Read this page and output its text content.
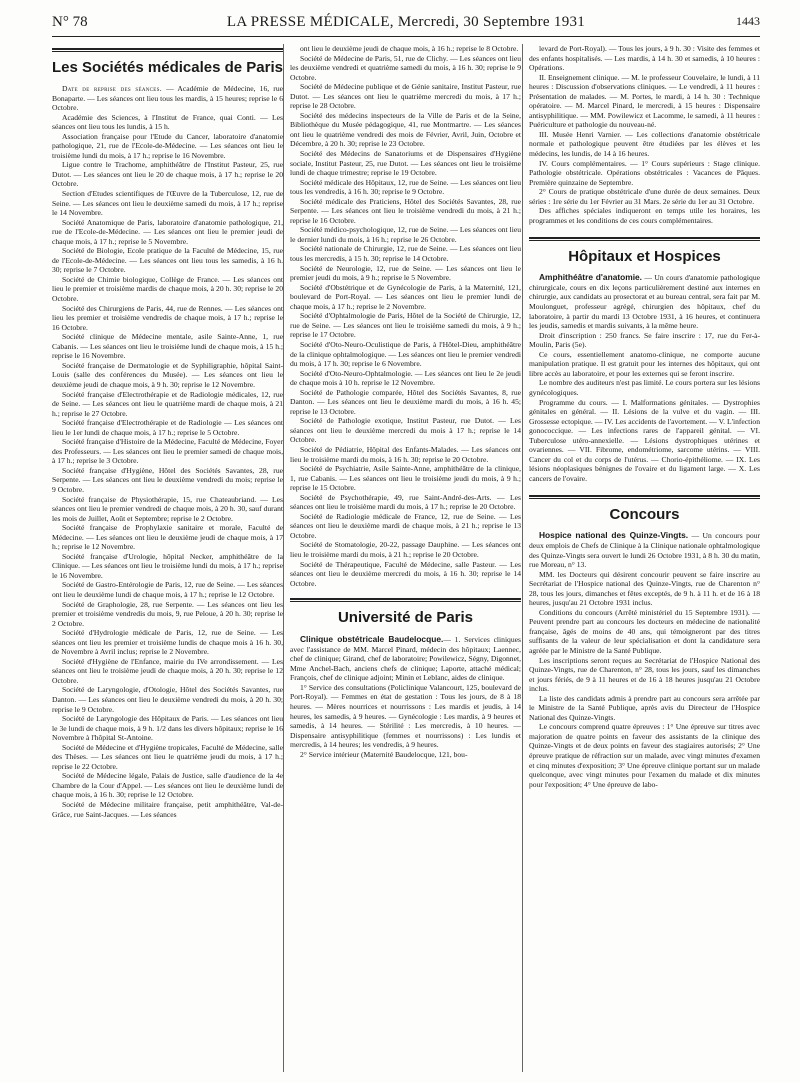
N° 78	LA PRESSE MÉDICALE, Mercredi, 30 Septembre 1931	1443
Les Sociétés médicales de Paris

Date de reprise des séances. — Académie de Médecine, 16, rue Bonaparte. — Les séances ont lieu tous les mardis, à 15 heures; reprise le 6 Octobre.

Académie des Sciences, à l'Institut de France, quai Conti. — Les séances ont lieu tous les lundis, à 15 h.

Association française pour l'Etude du Cancer, laboratoire d'anatomie pathologique, 21, rue de l'Ecole-de-Médecine. — Les séances ont lieu le troisième lundi du mois, à 17 h.; reprise le 16 Novembre.

Ligue contre le Trachome, amphithéâtre de l'Institut Pasteur, 25, rue Dutot. — Les séances ont lieu le 20 de chaque mois, à 17 h.; reprise le 20 Octobre.

Section d'Etudes scientifiques de l'Œuvre de la Tuberculose, 12, rue de Seine. — Les séances ont lieu le deuxième samedi du mois, à 17 h.; reprise le 14 Novembre.

Société Anatomique de Paris, laboratoire d'anatomie pathologique, 21, rue de l'Ecole-de-Médecine. — Les séances ont lieu le premier jeudi de chaque mois, à 17 h.; reprise le 5 Novembre.

Société de Biologie, Ecole pratique de la Faculté de Médecine, 15, rue de l'Ecole-de-Médecine. — Les séances ont lieu tous les samedis, à 16 h. 30; reprise le 7 Octobre.

Société de Chimie biologique, Collège de France. — Les séances ont lieu le premier et troisième mardis de chaque mois, à 20 h. 30; reprise le 20 Octobre.

Société des Chirurgiens de Paris, 44, rue de Rennes. — Les séances ont lieu les premier et troisième vendredis de chaque mois, à 17 h.; reprise le 16 Octobre.

Société clinique de Médecine mentale, asile Sainte-Anne, 1, rue Cabanis. — Les séances ont lieu le troisième lundi de chaque mois, à 15 h.; reprise le 16 Novembre.

Société française de Dermatologie et de Syphiligraphie, hôpital Saint-Louis (salle des conférences du Musée). — Les séances ont lieu le deuxième jeudi de chaque mois, à 9 h. 30; reprise le 12 Novembre.

Société française d'Electrothérapie et de Radiologie médicales, 12, rue de Seine. — Les séances ont lieu le quatrième mardi de chaque mois, à 21 h.; reprise le 27 Octobre.

Société française d'Electrothérapie et de Radiologie — Les séances ont lieu le 1er lundi de chaque mois, à 17 h.; reprise le 5 Octobre.

Société française d'Histoire de la Médecine, Faculté de Médecine, Foyer des Professeurs. — Les séances ont lieu le premier samedi de chaque mois, à 17 h.; reprise le 3 Octobre.

Société française d'Hygiène, Hôtel des Sociétés Savantes, 28, rue Serpente. — Les séances ont lieu le deuxième vendredi du mois; reprise le 9 Octobre.

Société française de Physiothérapie, 15, rue Chateaubriand. — Les séances ont lieu le premier vendredi de chaque mois, à 20 h. 30, sauf durant les mois de Juillet, Août et Septembre; reprise le 2 Octobre.

Société française de Prophylaxie sanitaire et morale, Faculté de Médecine. — Les séances ont lieu le deuxième jeudi de chaque mois, à 17 h.; reprise le 12 Novembre.

Société française d'Urologie, hôpital Necker, amphithéâtre de la Clinique. — Les séances ont lieu le troisième lundi du mois, à 17 h.; reprise le 16 Novembre.

Société de Gastro-Entérologie de Paris, 12, rue de Seine. — Les séances ont lieu le deuxième lundi de chaque mois, à 17 h.; reprise le 12 Octobre.

Société de Graphologie, 28, rue Serpente. — Les séances ont lieu les premier et troisième vendredis du mois, 9, rue Peloue, à 20 h. 30; reprise le 2 Octobre.

Société d'Hydrologie médicale de Paris, 12, rue de Seine. — Les séances ont lieu les premier et troisième lundis de chaque mois à 16 h. 30, de Novembre à Avril inclus; reprise le 2 Novembre.

Société d'Hygiène de l'Enfance, mairie du IVe arrondissement. — Les séances ont lieu le troisième jeudi de chaque mois, à 20 h. 30; reprise le 12 Octobre.

Société de Laryngologie, d'Otologie, Hôtel des Sociétés Savantes, rue Danton. — Les séances ont lieu le deuxième vendredi du mois, à 20 h. 30; reprise le 9 Octobre.

Société de Laryngologie des Hôpitaux de Paris. — Les séances ont lieu le 3e lundi de chaque mois, à 9 h. 1/2 dans les divers hôpitaux; reprise le 16 Novembre à l'hôpital St-Antoine.

Société de Médecine et d'Hygiène tropicales, Faculté de Médecine, salle des Thèses. — Les séances ont lieu le quatrième jeudi du mois, à 17 h.; reprise le 22 Octobre.

Société de Médecine légale, Palais de Justice, salle d'audience de la 4e Chambre de la Cour d'Appel. — Les séances ont lieu le deuxième lundi de chaque mois, à 16 h. 30; reprise le 12 Octobre.

Société de Médecine militaire française, petit amphithéâtre, Val-de-Grâce, rue Saint-Jacques. — Les séances

ont lieu le deuxième jeudi de chaque mois, à 16 h.; reprise le 8 Octobre.

Société de Médecine de Paris, 51, rue de Clichy. — Les séances ont lieu les deuxième vendredi et quatrième samedi du mois, à 16 h. 30; reprise le 9 Octobre.

Société de Médecine publique et de Génie sanitaire, Institut Pasteur, rue Dutot. — Les séances ont lieu le quatrième mercredi du mois, à 17 h.; reprise le 28 Octobre.

Société des médecins inspecteurs de la Ville de Paris et de la Seine, Bibliothèque du Musée pédagogique, 41, rue Montmartre. — Les séances ont lieu le quatrième vendredi des mois de Février, Avril, Juin, Octobre et Décembre, à 20 h. 30; reprise le 23 Octobre.

Société des Médecins de Sanatoriums et de Dispensaires d'Hygiène sociale, Institut Pasteur, 25, rue Dutot. — Les séances ont lieu le troisième lundi de chaque trimestre; reprise le 19 Octobre.

Société médicale des Hôpitaux, 12, rue de Seine. — Les séances ont lieu tous les vendredis, à 16 h. 30; reprise le 9 Octobre.

Société médicale des Praticiens, Hôtel des Sociétés Savantes, 28, rue Serpente. — Les séances ont lieu le troisième vendredi du mois, à 21 h.; reprise le 16 Octobre.

Société médico-psychologique, 12, rue de Seine. — Les séances ont lieu le dernier lundi du mois, à 16 h.; reprise le 26 Octobre.

Société nationale de Chirurgie, 12, rue de Seine. — Les séances ont lieu tous les mercredis, à 15 h. 30; reprise le 14 Octobre.

Société de Neurologie, 12, rue de Seine. — Les séances ont lieu le premier jeudi du mois, à 9 h.; reprise le 5 Novembre.

Société d'Obstétrique et de Gynécologie de Paris, à la Maternité, 121, boulevard de Port-Royal. — Les séances ont lieu le premier lundi de chaque mois, à 17 h.; reprise le 2 Novembre.

Société d'Ophtalmologie de Paris, Hôtel de la Société de Chirurgie, 12, rue de Seine. — Les séances ont lieu le troisième samedi du mois, à 9 h.; reprise le 17 Octobre.

Société d'Oto-Neuro-Oculistique de Paris, à l'Hôtel-Dieu, amphithéâtre de la clinique ophtalmologique. — Les séances ont lieu le premier vendredi du mois, à 17 h. 30; reprise le 6 Novembre.

Société d'Oto-Neuro-Ophtalmologie. — Les séances ont lieu le 2e jeudi de chaque mois à 10 h. reprise le 12 Novembre.

Société de Pathologie comparée, Hôtel des Sociétés Savantes, 8, rue Danton. — Les séances ont lieu le deuxième mardi du mois, à 16 h. 45; reprise le 13 Octobre.

Société de Pathologie exotique, Institut Pasteur, rue Dutot. — Les séances ont lieu le deuxième mercredi du mois à 17 h.; reprise le 14 Octobre.

Société de Pédiatrie, Hôpital des Enfants-Malades. — Les séances ont lieu le troisième mardi du mois, à 16 h. 30; reprise le 20 Octobre.

Société de Psychiatrie, Asile Sainte-Anne, amphithéâtre de la clinique, 1, rue Cabanis. — Les séances ont lieu le troisième jeudi du mois, à 9 h.; reprise le 15 Octobre.

Société de Psychothérapie, 49, rue Saint-André-des-Arts. — Les séances ont lieu le troisième mardi du mois, à 17 h.; reprise le 20 Octobre.

Société de Radiologie médicale de France, 12, rue de Seine. — Les séances ont lieu le deuxième mardi de chaque mois, à 21 h.; reprise le 13 Octobre.

Société de Stomatologie, 20-22, passage Dauphine. — Les séances ont lieu le troisième mardi du mois, à 21 h.; reprise le 20 Octobre.

Société de Thérapeutique, Faculté de Médecine, salle Pasteur. — Les séances ont lieu le deuxième mercredi du mois, à 16 h. 30; reprise le 14 Octobre.

Université de Paris

Clinique obstétricale Baudelocque.— 1. Services cliniques avec l'assistance de MM. Marcel Pinard, médecin des hôpitaux; Laennec, chef de clinique; Girand, chef de laboratoire; Powilewicz, Ségny, Digonnet, Mme Anchel-Bach, anciens chefs de clinique; Laporte, attaché médical; François, chef de clinique adjoint; Minin et Leblanc, aides de clinique.

1° Service des consultations (Policlinique Valancourt, 125, boulevard de Port-Royal). — Femmes en état de gestation : Tous les jours, de 8 à 18 heures. — Mères nourrices et nourrissons : Les mardis et jeudis, à 14 heures, les samedis, à 9 heures. — Gynécologie : Les mardis, à 9 heures et samedis, à 14 heures. — Stérilité : Les mercredis, à 10 heures. — Dispensaire antisyphilitique (femmes et nourrissons) : Les lundis et mercredis, à 14 heures; les vendredis, à 9 heures.

2° Service intérieur (Maternité Baudelocque, 121, bou-

levard de Port-Royal). — Tous les jours, à 9 h. 30 : Visite des femmes et des enfants hospitalisés. — Les mardis, à 14 h. 30 et samedis, à 10 heures : Opérations.

II. Enseignement clinique. — M. le professeur Couvelaire, le lundi, à 11 heures : Discussion d'observations cliniques. — Le vendredi, à 11 heures : Présentation de malades. — M. Portes, le mardi, à 14 h. 30 : Technique opératoire. — M. Marcel Pinard, le mercredi, à 15 heures : Dispensaire antisyphilitique. — MM. Powilewicz et Lacomme, le samedi, à 11 heures : Puériculture et pathologie du nouveau-né.

III. Musée Henri Varnier. — Les collections d'anatomie obstétricale normale et pathologique peuvent être étudiées par les élèves et les médecins, les lundis, de 14 à 16 heures.

IV. Cours complémentaires. — 1° Cours supérieurs : Stage clinique. Pathologie obstétricale. Opérations obstétricales : Vacances de Pâques. Première quinzaine de Septembre.

2° Cours de pratique obstétricale d'une durée de deux semaines. Deux séries : 1re série du 1er Février au 31 Mars. 2e série du 1er au 31 Octobre.

Des affiches spéciales indiqueront en temps utile les horaires, les programmes et les conditions de ces cours complémentaires.

Hôpitaux et Hospices

Amphithéâtre d'anatomie. — Un cours d'anatomie pathologique chirurgicale, cours en dix leçons particulièrement destiné aux internes en chirurgie, aux candidats au prosectorat et au bureau central, sera fait par M. Moulonguet, professeur agrégé, chirurgien des hôpitaux, chef du laboratoire, à partir du mardi 13 Octobre 1931, à 16 heures, et continuera les jeudis, samedis et mardis suivants, à la même heure.

Droit d'inscription : 250 francs. Se faire inscrire : 17, rue du Fer-à-Moulin, Paris (5e).

Ce cours, essentiellement anatomo-clinique, ne comporte aucune manipulation pratique. Il est gratuit pour les internes des hôpitaux, qui ont libre accès au laboratoire, et pour les externes qui se feront inscrire.

Le nombre des auditeurs n'est pas limité. Le cours portera sur les lésions gynécologiques.

Programme du cours. — I. Malformations génitales. — Dystrophies génitales en général. — II. Lésions de la vulve et du vagin. — III. Grossesse ectopique. — IV. Les accidents de l'avortement. — V. L'infection gonococcique. — Les infections rares de l'appareil génital. — VI. Tuberculose utéro-annexielle. — Lésions dystrophiques utérines et ovariennes. — VII. Fibrome, endométriome, sarcome utérins. — VIII. Cancer du col et du corps de l'utérus. — Chorio-épithéliome. — IX. Les lésions néoplasiques bénignes de l'ovaire et du ligament large. — X. Les cancers de l'ovaire.

Concours

Hospice national des Quinze-Vingts. — Un concours pour deux emplois de Chefs de Clinique à la Clinique nationale ophtalmologique des Quinze-Vingts sera ouvert le lundi 26 Octobre 1931, à 8 h. 30 du matin, rue Moreau, n° 13.

MM. les Docteurs qui désirent concourir peuvent se faire inscrire au Secrétariat de l'Hospice national des Quinze-Vingts, rue de Charenton n° 28, tous les jours, dimanches et fêtes exceptés, de 9 h. à 11 h. et de 16 à 18 heures, jusqu'au 21 Octobre 1931 inclus.

Conditions du concours (Arrêté ministériel du 15 Septembre 1931). — Peuvent prendre part au concours les docteurs en médecine de nationalité française, âgés de moins de 40 ans, qui témoigneront par des titres suffisants de la valeur de leur spécialisation et dont la candidature sera agréée par le Ministre de la Santé Publique.

Les inscriptions seront reçues au Secrétariat de l'Hospice National des Quinze-Vingts, rue de Charenton, n° 28, tous les jours, sauf les dimanches et jours fériés, de 9 à 11 heures et de 16 à 18 heures jusqu'au 21 Octobre inclus.

La liste des candidats admis à prendre part au concours sera arrêtée par le Ministre de la Santé Publique, après avis du Directeur de l'Hospice National des Quinze-Vingts.

Le concours comprend quatre épreuves : 1° Une épreuve sur titres avec majoration de quatre points en faveur des assistants de la clinique des Quinze-Vingts et de deux points en faveur des stagiaires autorisés; 2° Une épreuve pratique de réfraction sur un malade, avec vingt minutes d'examen et cinq minutes d'exposition; 3° Une épreuve clinique portant sur un malade quelconque, avec vingt minutes pour l'examen du malade et dix minutes pour l'exposition; 4° Une épreuve de labo-
